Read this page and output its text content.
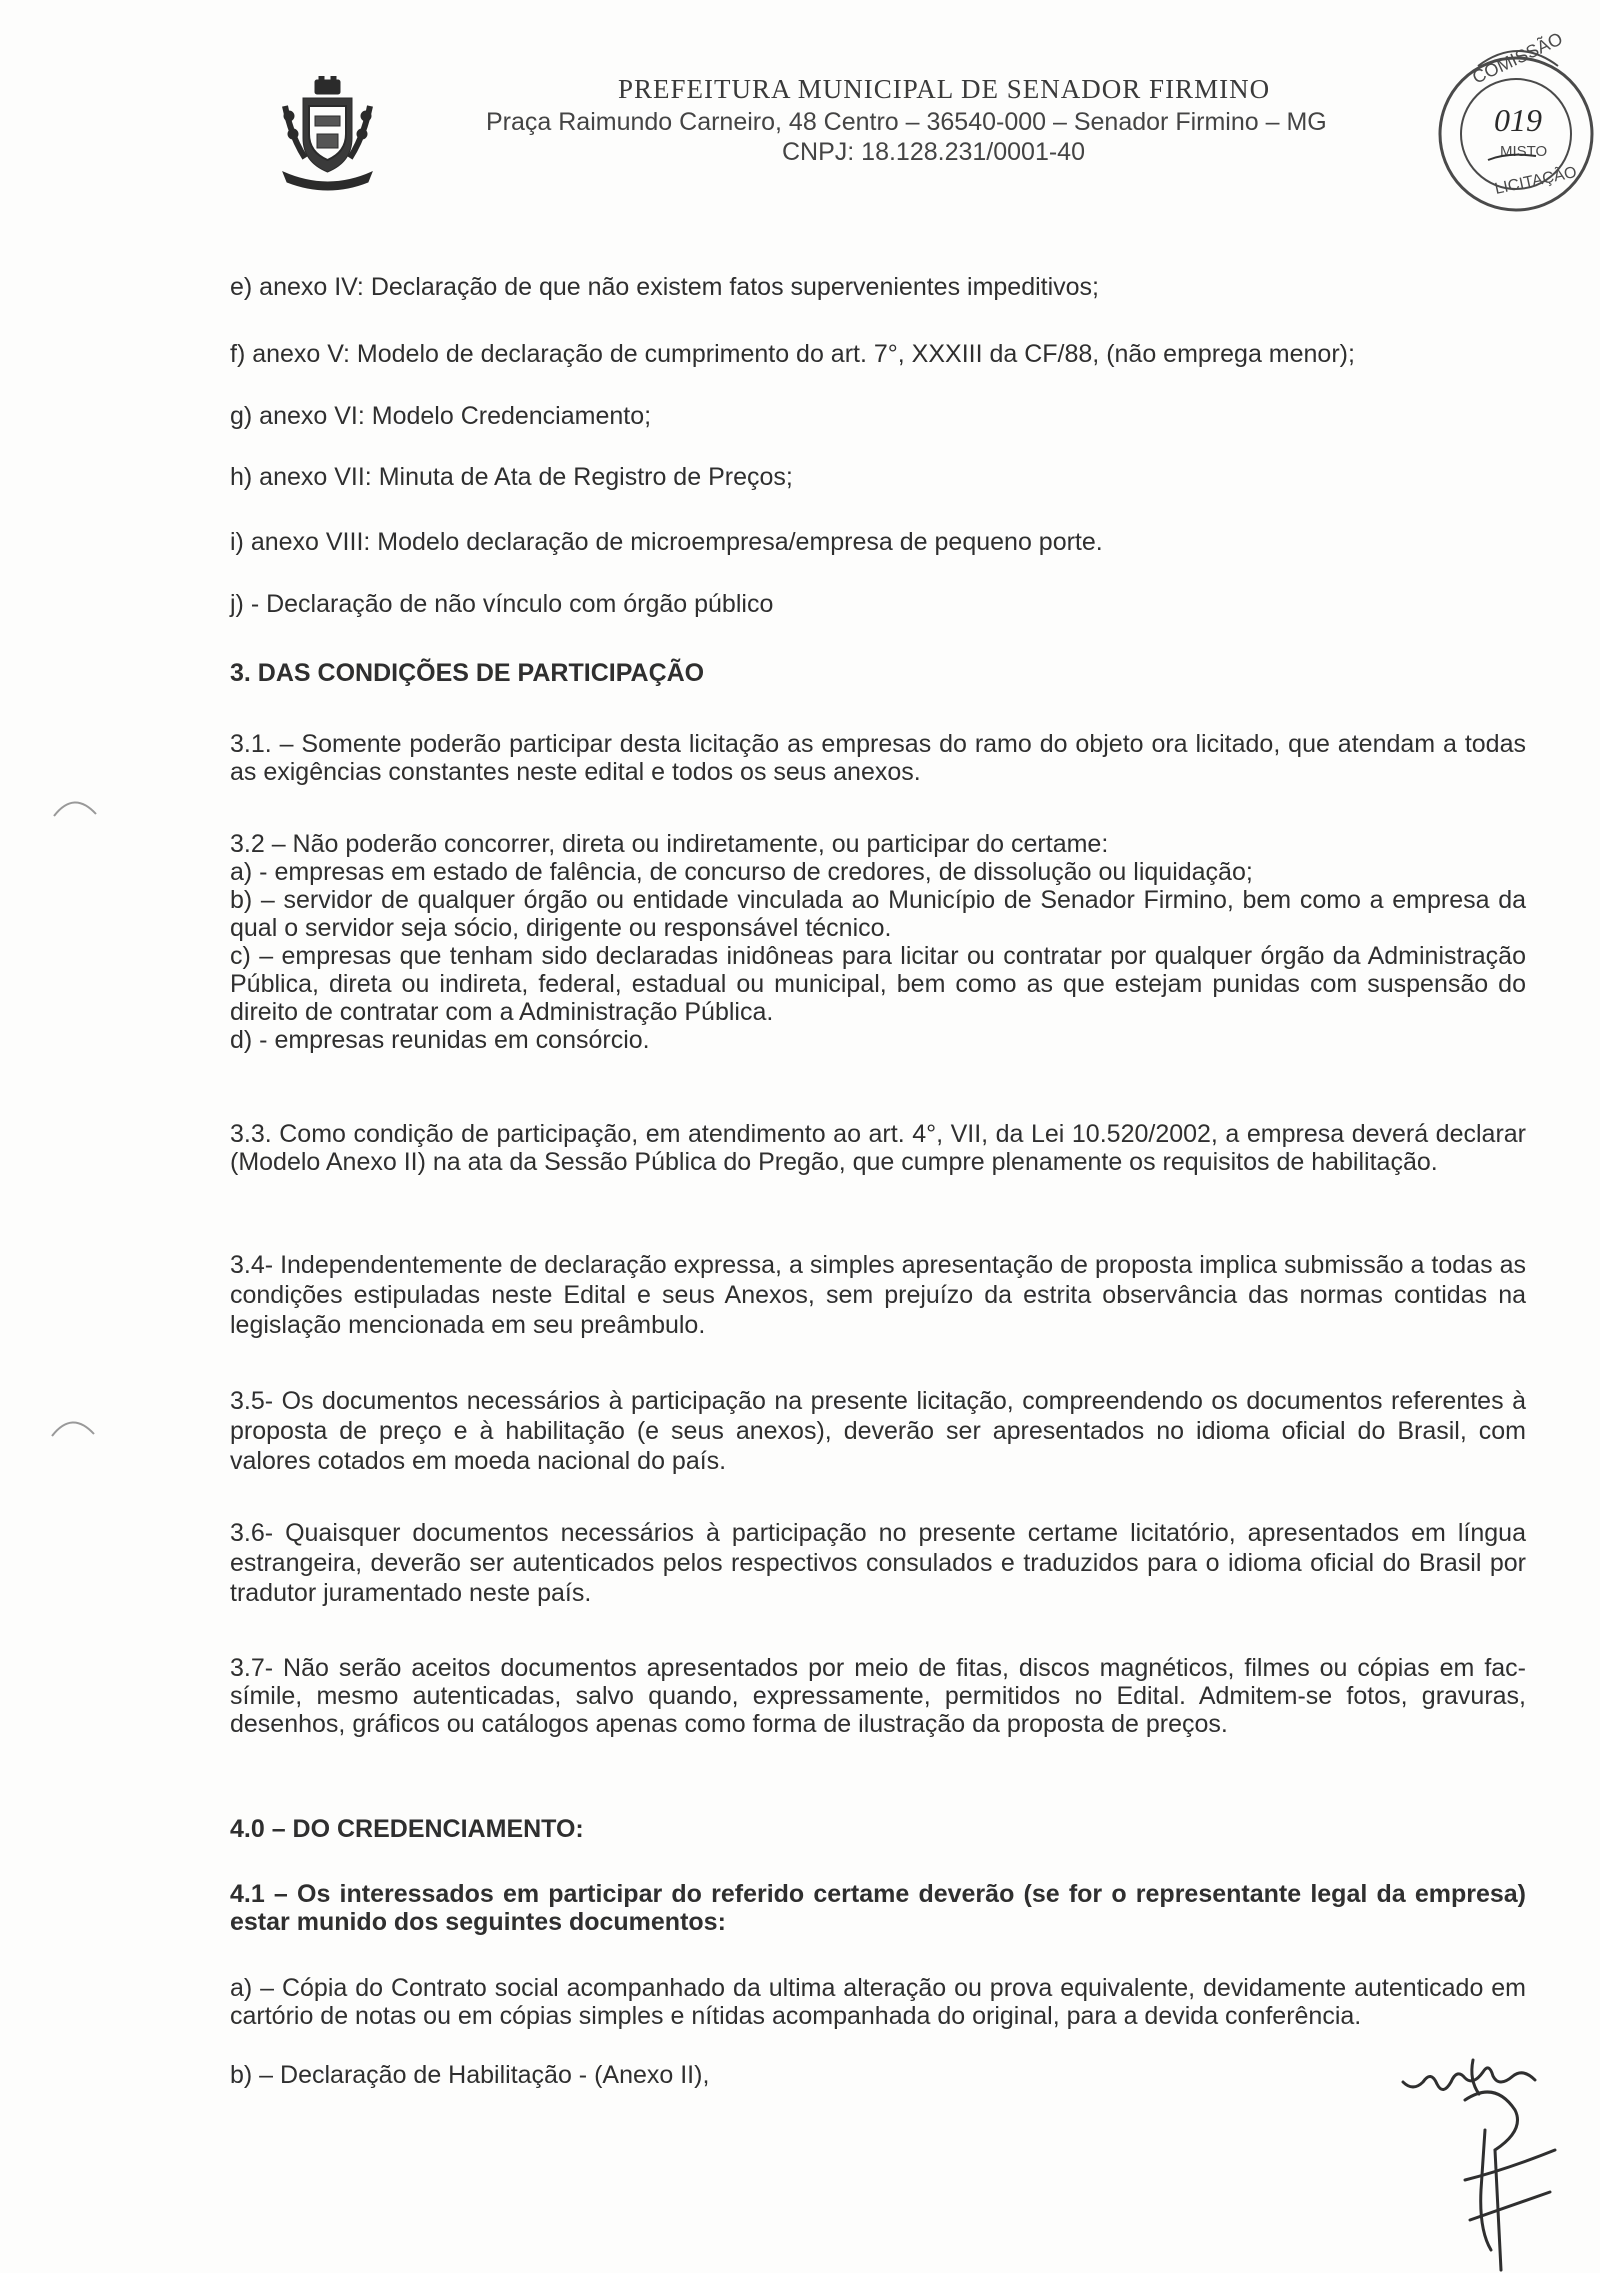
PREFEITURA MUNICIPAL DE SENADOR FIRMINO
Praça Raimundo Carneiro, 48 Centro – 36540-000 – Senador Firmino – MG
CNPJ: 18.128.231/0001-40
COMISSÃO
LICITAÇÃO
MISTO
019
e) anexo IV: Declaração de que não existem fatos supervenientes impeditivos;
f) anexo V: Modelo de declaração de cumprimento do art. 7°, XXXIII da CF/88, (não emprega menor);
g) anexo VI: Modelo Credenciamento;
h) anexo VII: Minuta de Ata de Registro de Preços;
i) anexo VIII: Modelo declaração de microempresa/empresa de pequeno porte.
j) - Declaração de não vínculo com órgão público
3. DAS CONDIÇÕES DE PARTICIPAÇÃO
3.1. – Somente poderão participar desta licitação as empresas do ramo do objeto ora licitado, que atendam a todas as exigências constantes neste edital e todos os seus anexos.

3.2 – Não poderão concorrer, direta ou indiretamente, ou participar do certame:

a) - empresas em estado de falência, de concurso de credores, de dissolução ou liquidação;

b) – servidor de qualquer órgão ou entidade vinculada ao Município de Senador Firmino, bem como a empresa da qual o servidor seja sócio, dirigente ou responsável técnico.

c) – empresas que tenham sido declaradas inidôneas para licitar ou contratar por qualquer órgão da Administração Pública, direta ou indireta, federal, estadual ou municipal, bem como as que estejam punidas com suspensão do direito de contratar com a Administração Pública.

d) - empresas reunidas em consórcio.

3.3. Como condição de participação, em atendimento ao art. 4°, VII, da Lei 10.520/2002, a empresa deverá declarar (Modelo Anexo II) na ata da Sessão Pública do Pregão, que cumpre plenamente os requisitos de habilitação.
3.4- Independentemente de declaração expressa, a simples apresentação de proposta implica submissão a todas as condições estipuladas neste Edital e seus Anexos, sem prejuízo da estrita observância das normas contidas na legislação mencionada em seu preâmbulo.
3.5- Os documentos necessários à participação na presente licitação, compreendendo os documentos referentes à proposta de preço e à habilitação (e seus anexos), deverão ser apresentados no idioma oficial do Brasil, com valores cotados em moeda nacional do país.
3.6- Quaisquer documentos necessários à participação no presente certame licitatório, apresentados em língua estrangeira, deverão ser autenticados pelos respectivos consulados e traduzidos para o idioma oficial do Brasil por tradutor juramentado neste país.
3.7- Não serão aceitos documentos apresentados por meio de fitas, discos magnéticos, filmes ou cópias em fac-símile, mesmo autenticadas, salvo quando, expressamente, permitidos no Edital. Admitem-se fotos, gravuras, desenhos, gráficos ou catálogos apenas como forma de ilustração da proposta de preços.
4.0 – DO CREDENCIAMENTO:
4.1 – Os interessados em participar do referido certame deverão (se for o representante legal da empresa) estar munido dos seguintes documentos:
a) – Cópia do Contrato social acompanhado da ultima alteração ou prova equivalente, devidamente autenticado em cartório de notas ou em cópias simples e nítidas acompanhada do original, para a devida conferência.
b) – Declaração de Habilitação - (Anexo II),
